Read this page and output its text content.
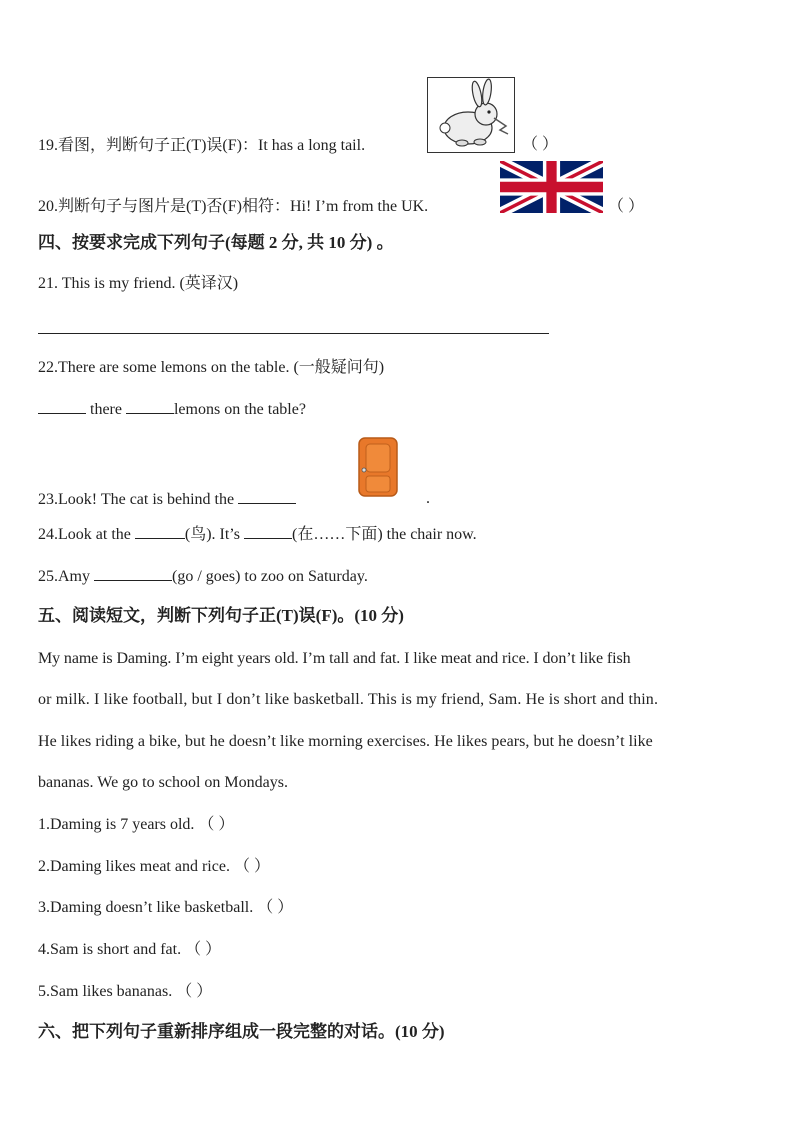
19.看图，判断句子正(T)误(F)：It has a long tail.	（ ）
20.判断句子与图片是(T)否(F)相符：Hi! I’m from the UK.	（ ）
四、按要求完成下列句子(每题 2 分, 共 10 分) 。
21. This is my friend. (英译汉)
22.There are some lemons on the table. (一般疑问句)
there	lemons on the table?
23.Look! The cat is behind the	.
24.Look at the	(鸟). It’s	(在……下面) the chair now.
25.Amy	(go / goes) to zoo on Saturday.
五、阅读短文，判断下列句子正(T)误(F)。(10 分)
My name is Daming. I’m eight years old. I’m tall and fat. I like meat and rice. I don’t like fish
or milk. I like football, but I don’t like basketball. This is my friend, Sam. He is short and thin.
He likes riding a bike, but he doesn’t like morning exercises. He likes pears, but he doesn’t like
bananas. We go to school on Mondays.
1.Daming is 7 years old. （ ）
2.Daming likes meat and rice. （ ）
3.Daming doesn’t like basketball. （ ）
4.Sam is short and fat. （ ）
5.Sam likes bananas. （ ）
六、把下列句子重新排序组成一段完整的对话。(10 分)
